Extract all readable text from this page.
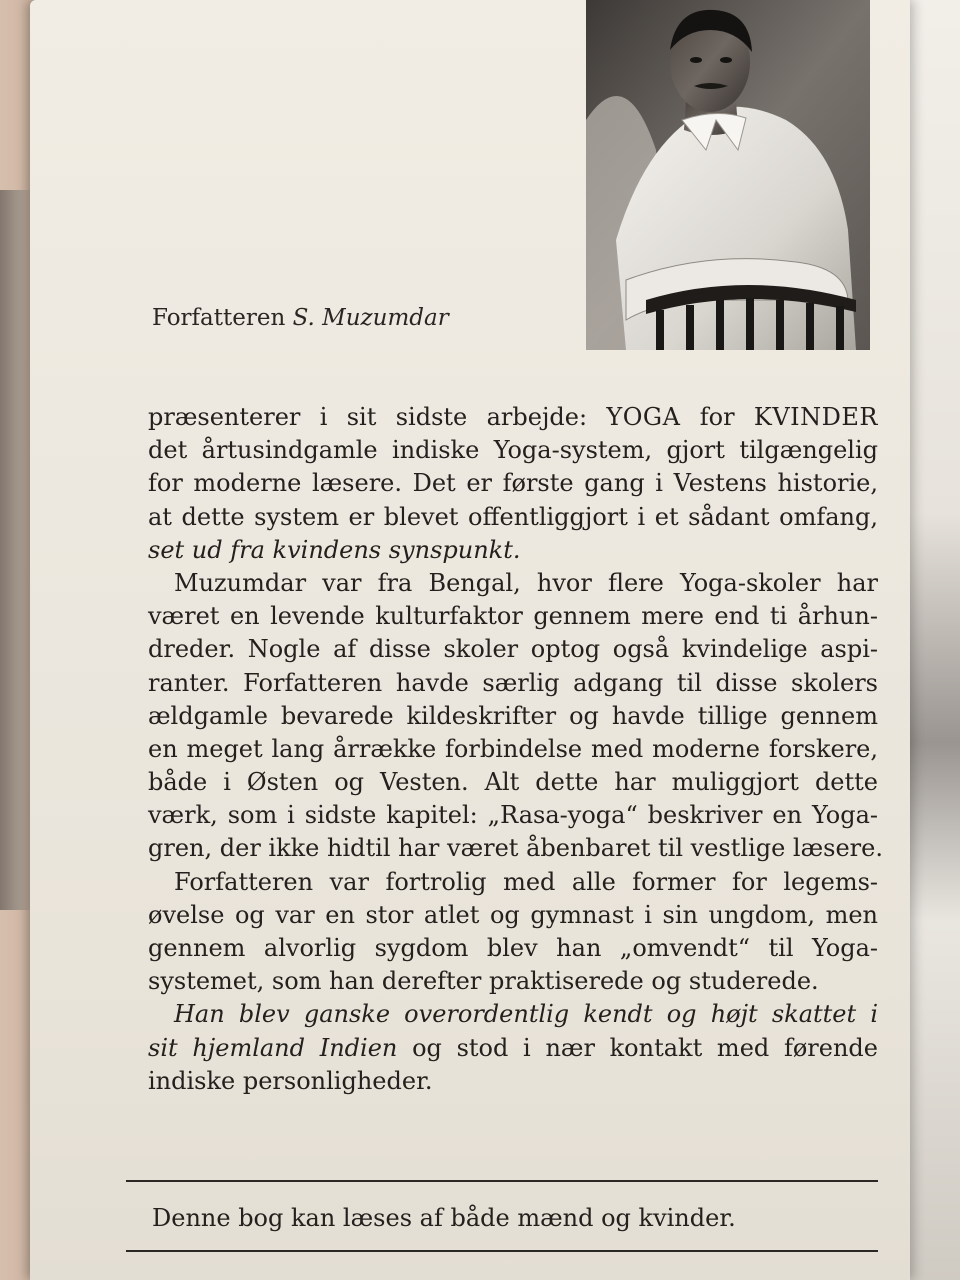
Forfatteren S. Muzumdar
præsenterer i sit sidste arbejde: YOGA for KVINDER
det årtusindgamle indiske Yoga-system, gjort tilgængelig
for moderne læsere. Det er første gang i Vestens historie,
at dette system er blevet offentliggjort i et sådant omfang,
set ud fra kvindens synspunkt.
Muzumdar var fra Bengal, hvor flere Yoga-skoler har
været en levende kulturfaktor gennem mere end ti århun-
dreder. Nogle af disse skoler optog også kvindelige aspi-
ranter. Forfatteren havde særlig adgang til disse skolers
ældgamle bevarede kildeskrifter og havde tillige gennem
en meget lang årrække forbindelse med moderne forskere,
både i Østen og Vesten. Alt dette har muliggjort dette
værk, som i sidste kapitel: „Rasa-yoga“ beskriver en Yoga-
gren, der ikke hidtil har været åbenbaret til vestlige læsere.
Forfatteren var fortrolig med alle former for legems-
øvelse og var en stor atlet og gymnast i sin ungdom, men
gennem alvorlig sygdom blev han „omvendt“ til Yoga-
systemet, som han derefter praktiserede og studerede.
Han blev ganske overordentlig kendt og højt skattet i
sit hjemland Indien og stod i nær kontakt med førende
indiske personligheder.
Denne bog kan læses af både mænd og kvinder.
